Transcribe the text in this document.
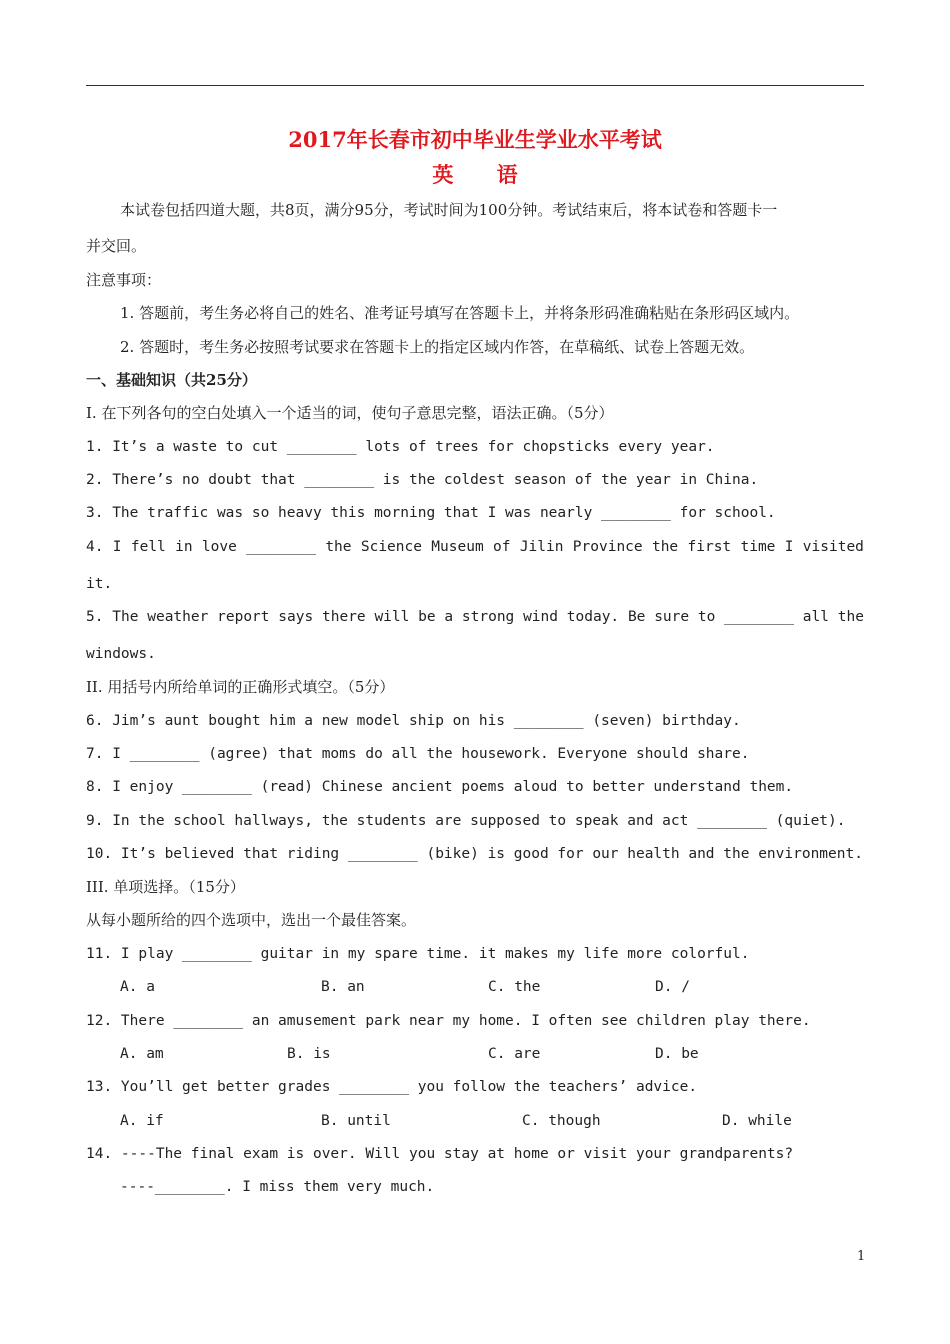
2017年长春市初中毕业生学业水平考试
英 语
本试卷包括四道大题，共8页，满分95分，考试时间为100分钟。考试结束后，将本试卷和答题卡一
并交回。
注意事项：
1. 答题前，考生务必将自己的姓名、准考证号填写在答题卡上，并将条形码准确粘贴在条形码区域内。
2. 答题时，考生务必按照考试要求在答题卡上的指定区域内作答，在草稿纸、试卷上答题无效。
一、基础知识（共25分）
I. 在下列各句的空白处填入一个适当的词，使句子意思完整，语法正确。（5分）
1. It’s a waste to cut ________ lots of trees for chopsticks every year.
2. There’s no doubt that ________ is the coldest season of the year in China.
3. The traffic was so heavy this morning that I was nearly ________ for school.
4. I fell in love ________ the Science Museum of Jilin Province the first time I visited
it.
5. The weather report says there will be a strong wind today. Be sure to ________ all the
windows.
II. 用括号内所给单词的正确形式填空。（5分）
6. Jim’s aunt bought him a new model ship on his ________ (seven) birthday.
7. I ________ (agree) that moms do all the housework. Everyone should share.
8. I enjoy ________ (read) Chinese ancient poems aloud to better understand them.
9. In the school hallways, the students are supposed to speak and act ________ (quiet).
10. It’s believed that riding ________ (bike) is good for our health and the environment.
III. 单项选择。（15分）
从每小题所给的四个选项中，选出一个最佳答案。
11. I play ________ guitar in my spare time. it makes my life more colorful.
A. a	B. an	C. the	D. /
12. There ________ an amusement park near my home. I often see children play there.
A. am	B. is	C. are	D. be
13. You’ll get better grades ________ you follow the teachers’ advice.
A. if	B. until	C. though	D. while
14. ----The final exam is over. Will you stay at home or visit your grandparents?
----________. I miss them very much.
1
